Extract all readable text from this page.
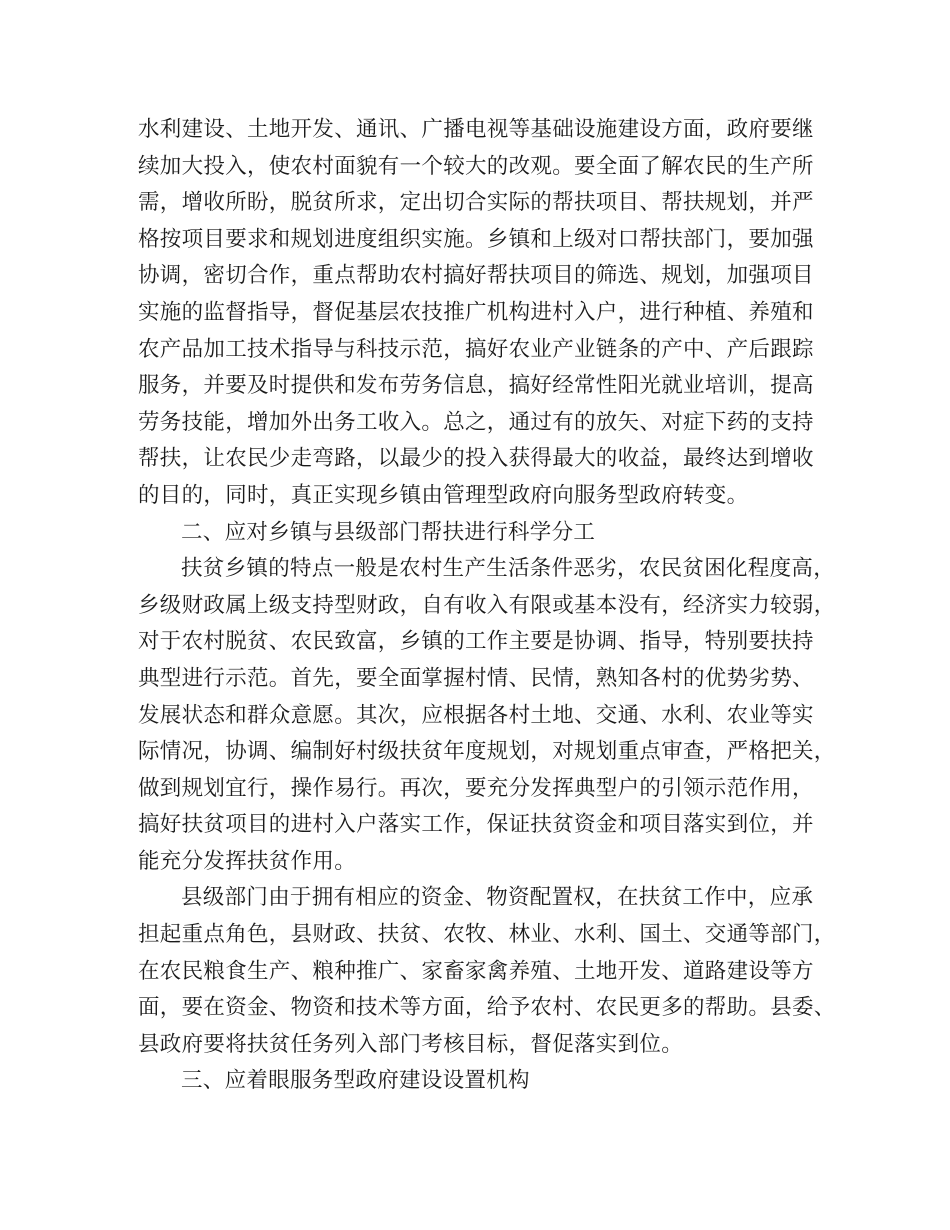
水利建设、土地开发、通讯、广播电视等基础设施建设方面，政府要继
续加大投入，使农村面貌有一个较大的改观。要全面了解农民的生产所
需，增收所盼，脱贫所求，定出切合实际的帮扶项目、帮扶规划，并严
格按项目要求和规划进度组织实施。乡镇和上级对口帮扶部门，要加强
协调，密切合作，重点帮助农村搞好帮扶项目的筛选、规划，加强项目
实施的监督指导，督促基层农技推广机构进村入户，进行种植、养殖和
农产品加工技术指导与科技示范，搞好农业产业链条的产中、产后跟踪
服务，并要及时提供和发布劳务信息，搞好经常性阳光就业培训，提高
劳务技能，增加外出务工收入。总之，通过有的放矢、对症下药的支持
帮扶，让农民少走弯路，以最少的投入获得最大的收益，最终达到增收
的目的，同时，真正实现乡镇由管理型政府向服务型政府转变。
二、应对乡镇与县级部门帮扶进行科学分工
扶贫乡镇的特点一般是农村生产生活条件恶劣，农民贫困化程度高，
乡级财政属上级支持型财政，自有收入有限或基本没有，经济实力较弱，
对于农村脱贫、农民致富，乡镇的工作主要是协调、指导，特别要扶持
典型进行示范。首先，要全面掌握村情、民情，熟知各村的优势劣势、
发展状态和群众意愿。其次，应根据各村土地、交通、水利、农业等实
际情况，协调、编制好村级扶贫年度规划，对规划重点审查，严格把关，
做到规划宜行，操作易行。再次，要充分发挥典型户的引领示范作用，
搞好扶贫项目的进村入户落实工作，保证扶贫资金和项目落实到位，并
能充分发挥扶贫作用。
县级部门由于拥有相应的资金、物资配置权，在扶贫工作中，应承
担起重点角色，县财政、扶贫、农牧、林业、水利、国土、交通等部门，
在农民粮食生产、粮种推广、家畜家禽养殖、土地开发、道路建设等方
面，要在资金、物资和技术等方面，给予农村、农民更多的帮助。县委、
县政府要将扶贫任务列入部门考核目标，督促落实到位。
三、应着眼服务型政府建设设置机构
